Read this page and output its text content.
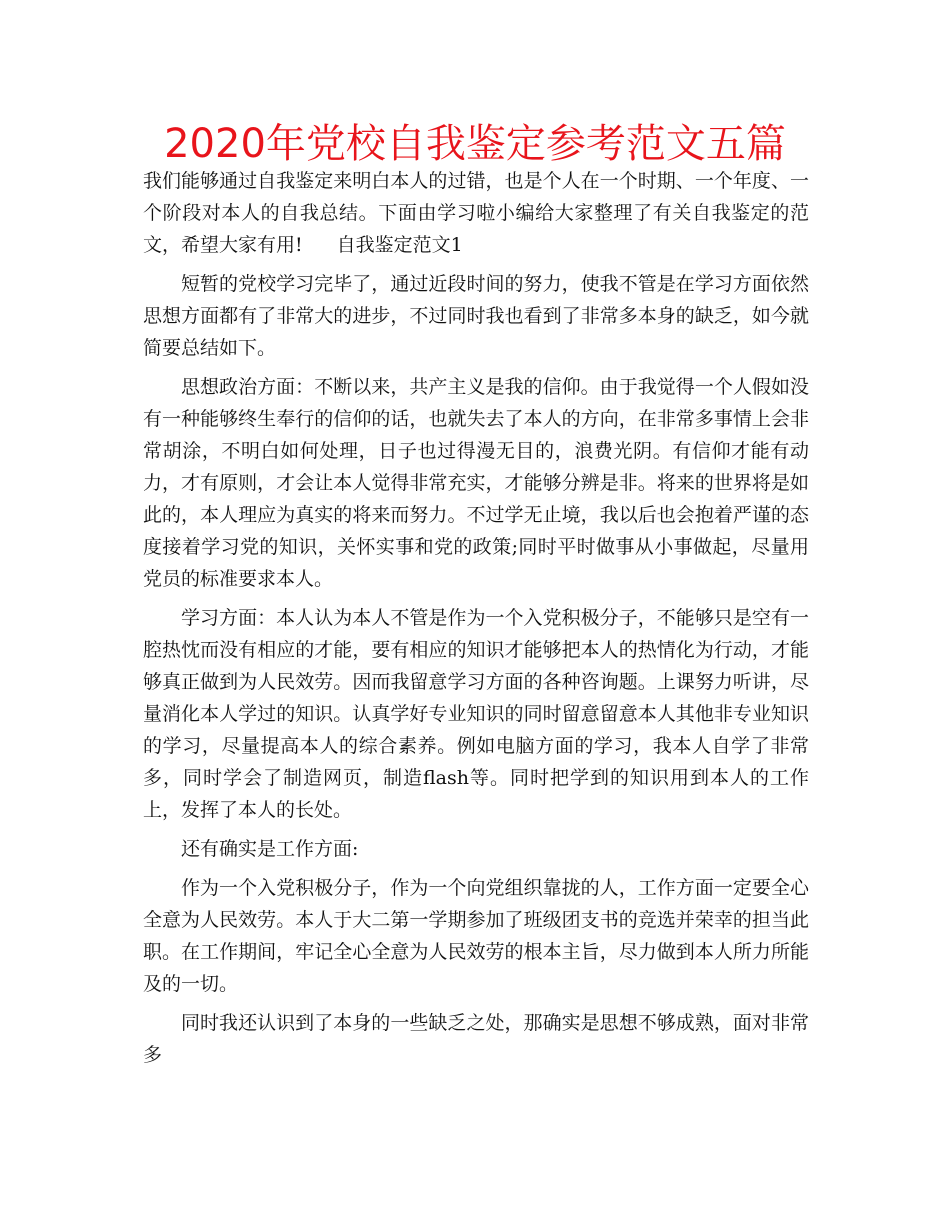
2020年党校自我鉴定参考范文五篇

我们能够通过自我鉴定来明白本人的过错，也是个人在一个时期、一个年度、一个阶段对本人的自我总结。下面由学习啦小编给大家整理了有关自我鉴定的范文，希望大家有用! 自我鉴定范文1

短暂的党校学习完毕了，通过近段时间的努力，使我不管是在学习方面依然思想方面都有了非常大的进步，不过同时我也看到了非常多本身的缺乏，如今就简要总结如下。

思想政治方面：不断以来，共产主义是我的信仰。由于我觉得一个人假如没有一种能够终生奉行的信仰的话，也就失去了本人的方向，在非常多事情上会非常胡涂，不明白如何处理，日子也过得漫无目的，浪费光阴。有信仰才能有动力，才有原则，才会让本人觉得非常充实，才能够分辨是非。将来的世界将是如此的，本人理应为真实的将来而努力。不过学无止境，我以后也会抱着严谨的态度接着学习党的知识，关怀实事和党的政策;同时平时做事从小事做起，尽量用党员的标准要求本人。

学习方面：本人认为本人不管是作为一个入党积极分子，不能够只是空有一腔热忱而没有相应的才能，要有相应的知识才能够把本人的热情化为行动，才能够真正做到为人民效劳。因而我留意学习方面的各种咨询题。上课努力听讲，尽量消化本人学过的知识。认真学好专业知识的同时留意留意本人其他非专业知识的学习，尽量提高本人的综合素养。例如电脑方面的学习，我本人自学了非常多，同时学会了制造网页，制造flash等。同时把学到的知识用到本人的工作上，发挥了本人的长处。

还有确实是工作方面:

作为一个入党积极分子，作为一个向党组织靠拢的人，工作方面一定要全心全意为人民效劳。本人于大二第一学期参加了班级团支书的竞选并荣幸的担当此职。在工作期间，牢记全心全意为人民效劳的根本主旨，尽力做到本人所力所能及的一切。

同时我还认识到了本身的一些缺乏之处，那确实是思想不够成熟，面对非常多
